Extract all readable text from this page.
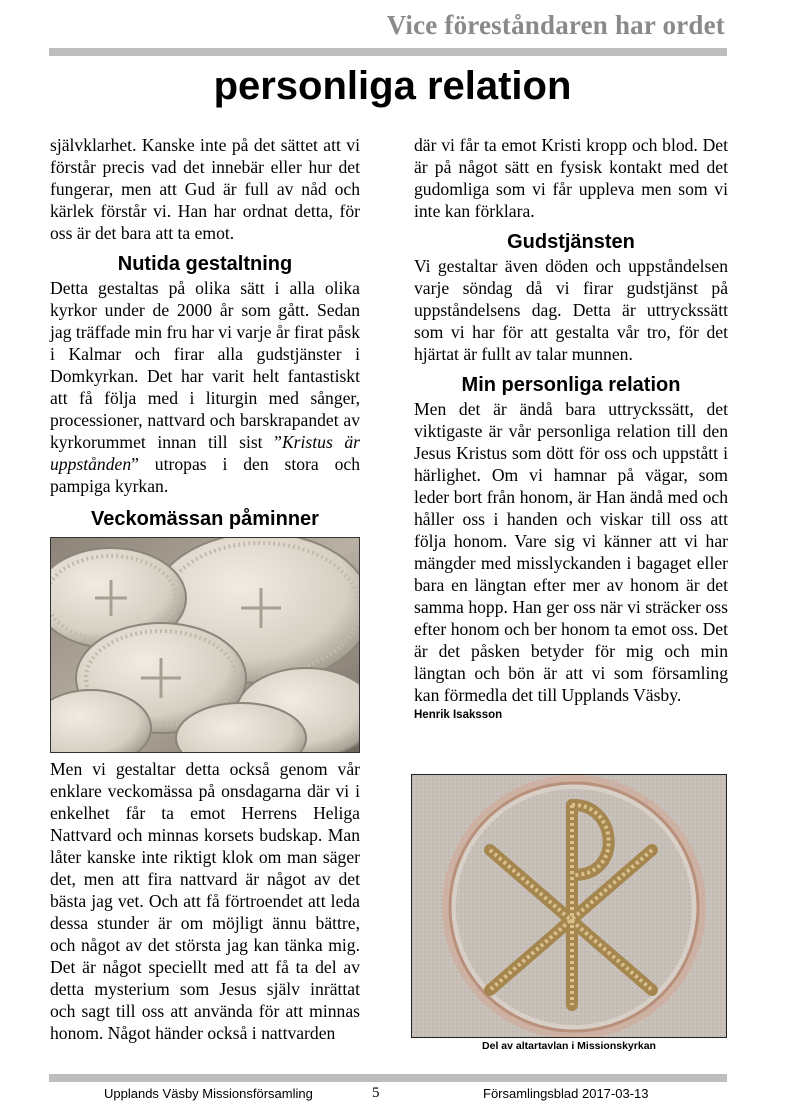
Vice föreståndaren har ordet
personliga relation

självklarhet. Kanske inte på det sättet att vi förstår precis vad det innebär eller hur det fungerar, men att Gud är full av nåd och kärlek förstår vi. Han har ordnat detta, för oss är det bara att ta emot.

Nutida gestaltning

Detta gestaltas på olika sätt i alla olika kyrkor under de 2000 år som gått. Sedan jag träffade min fru har vi varje år firat påsk i Kalmar och firar alla gudstjänster i Domkyrkan. Det har varit helt fantastiskt att få följa med i liturgin med sånger, processioner, nattvard och barskrapandet av kyrkorummet innan till sist ”Kristus är uppstånden” utropas i den stora och pampiga kyrkan.

Veckomässan påminner

Men vi gestaltar detta också genom vår enklare veckomässa på onsdagarna där vi i enkelhet får ta emot Herrens Heliga Nattvard och minnas korsets budskap. Man låter kanske inte riktigt klok om man säger det, men att fira nattvard är något av det bästa jag vet. Och att få förtroendet att leda dessa stunder är om möjligt ännu bättre, och något av det största jag kan tänka mig. Det är något speciellt med att få ta del av detta mysterium som Jesus själv inrättat och sagt till oss att använda för att minnas honom. Något händer också i nattvarden

där vi får ta emot Kristi kropp och blod. Det är på något sätt en fysisk kontakt med det gudomliga som vi får uppleva men som vi inte kan förklara.

Gudstjänsten

Vi gestaltar även döden och uppståndelsen varje söndag då vi firar gudstjänst på uppståndelsens dag. Detta är uttryckssätt som vi har för att gestalta vår tro, för det hjärtat är fullt av talar munnen.

Min personliga relation

Men det är ändå bara uttryckssätt, det viktigaste är vår personliga relation till den Jesus Kristus som dött för oss och uppstått i härlighet. Om vi hamnar på vägar, som leder bort från honom, är Han ändå med och håller oss i handen och viskar till oss att följa honom. Vare sig vi känner att vi har mängder med misslyckanden i bagaget eller bara en längtan efter mer av honom är det samma hopp. Han ger oss när vi sträcker oss efter honom och ber honom ta emot oss. Det är det påsken betyder för mig och min längtan och bön är att vi som församling kan förmedla det till Upplands Väsby.

Henrik Isaksson
Del av altartavlan i Missionskyrkan
Upplands Väsby Missionsförsamling	5	Församlingsblad 2017-03-13
